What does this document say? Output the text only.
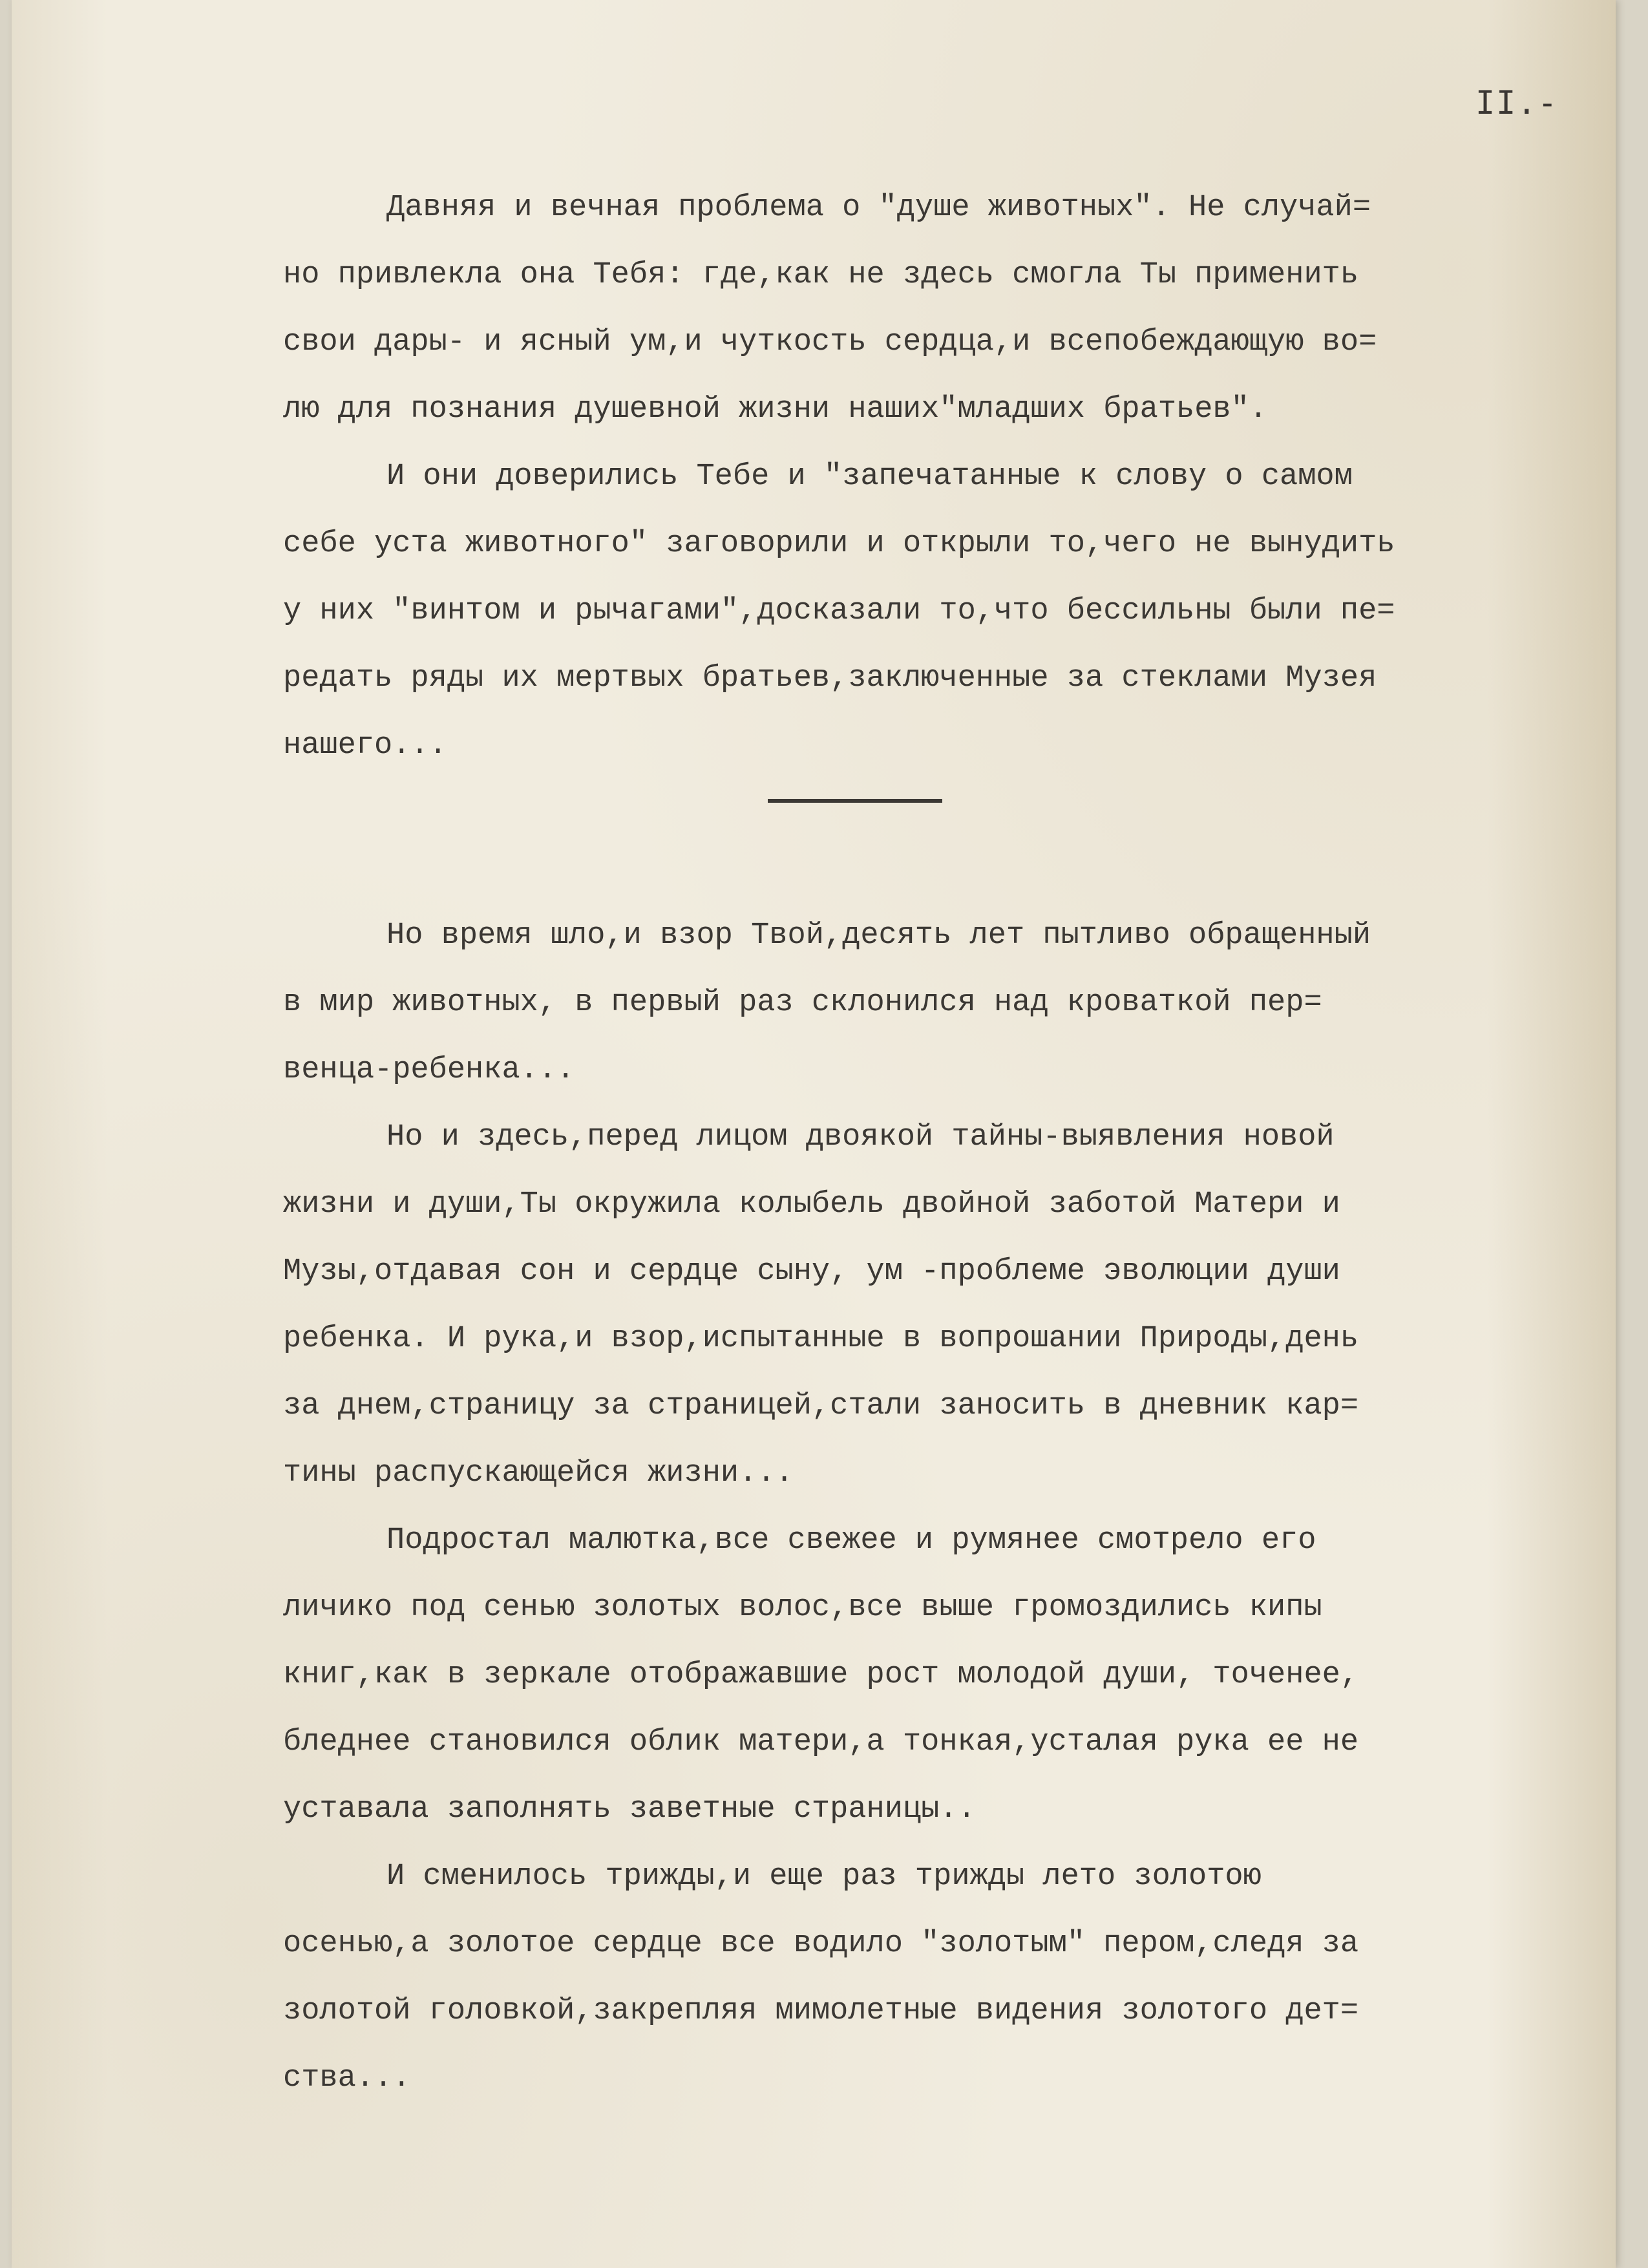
II.-
Давняя и вечная проблема о "душе животных". Не случай=
но привлекла она Тебя: где,как не здесь смогла Ты применить
свои дары- и ясный ум,и чуткость сердца,и всепобеждающую во=
лю для познания душевной жизни наших"младших братьев".
И они доверились Тебе и "запечатанные к слову о самом
себе уста животного" заговорили и открыли то,чего не вынудить
у них "винтом и рычагами",досказали то,что бессильны были пе=
редать ряды их мертвых братьев,заключенные за стеклами Музея
нашего...
Но время шло,и взор Твой,десять лет пытливо обращенный
в мир животных, в первый раз склонился над кроваткой пер=
венца-ребенка...
Но и здесь,перед лицом двоякой тайны-выявления новой
жизни и души,Ты окружила колыбель двойной заботой Матери и
Музы,отдавая сон и сердце сыну, ум -проблеме эволюции души
ребенка. И рука,и взор,испытанные в вопрошании Природы,день
за днем,страницу за страницей,стали заносить в дневник кар=
тины распускающейся жизни...
Подростал малютка,все свежее и румянее смотрело его
личико под сенью золотых волос,все выше громоздились кипы
книг,как в зеркале отображавшие рост молодой души, точенее,
бледнее становился облик матери,а тонкая,усталая рука ее не
уставала заполнять заветные страницы..
И сменилось трижды,и еще раз трижды лето золотою
осенью,а золотое сердце все водило "золотым" пером,следя за
золотой головкой,закрепляя мимолетные видения золотого дет=
ства...
